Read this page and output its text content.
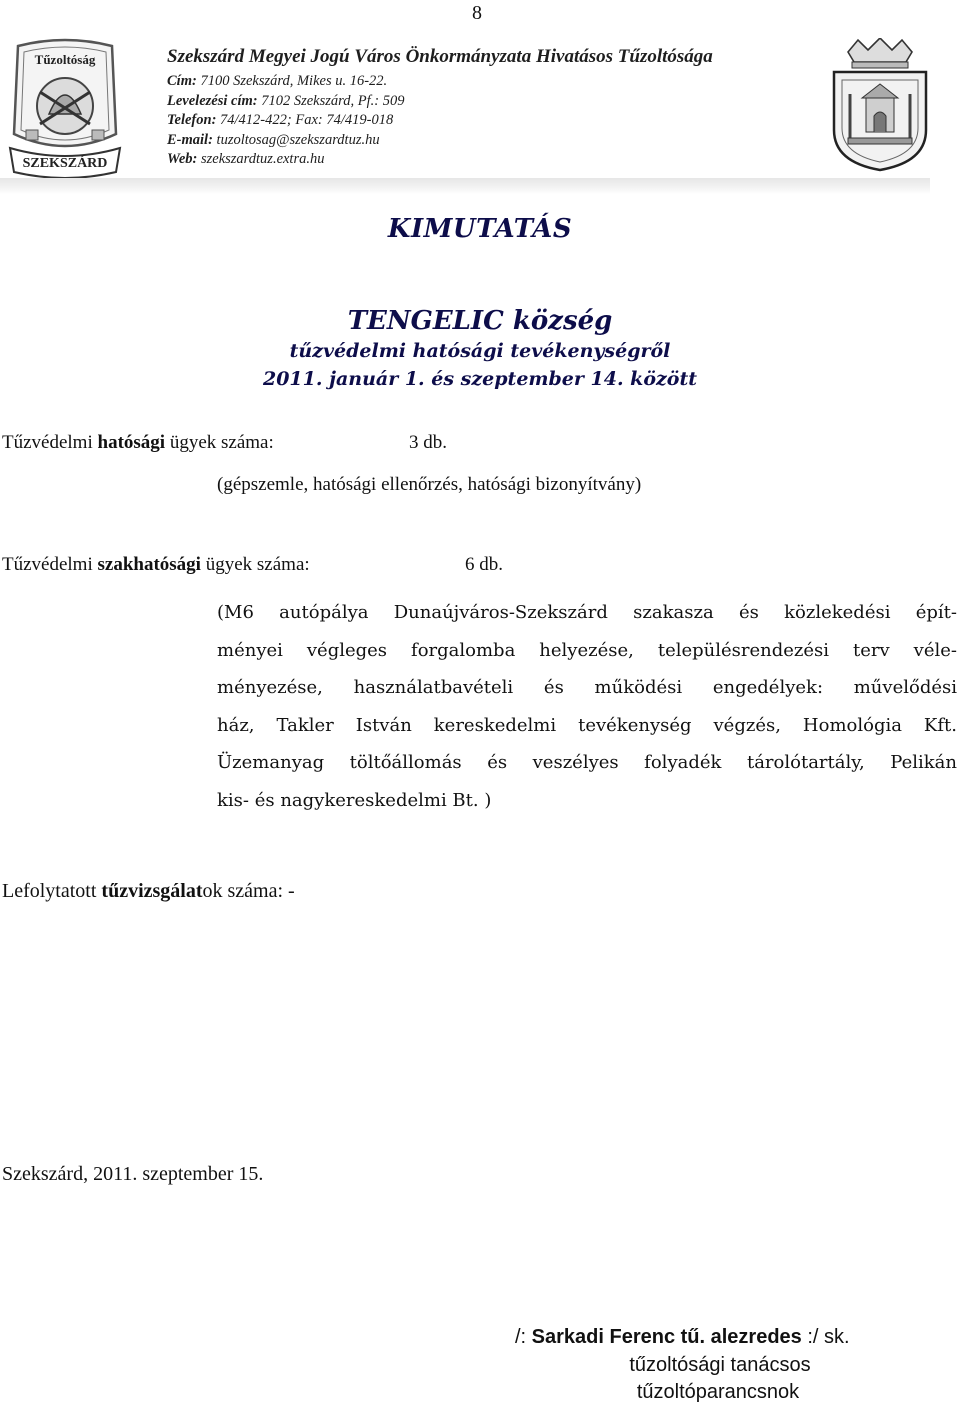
8
Tűzoltóság
SZEKSZÁRD
Szekszárd Megyei Jogú Város Önkormányzata Hivatásos Tűzoltósága
Cím: 7100 Szekszárd, Mikes u. 16-22.
Levelezési cím: 7102 Szekszárd, Pf.: 509
Telefon: 74/412-422; Fax: 74/419-018
E-mail: tuzoltosag@szekszardtuz.hu
Web: szekszardtuz.extra.hu
KIMUTATÁS
TENGELIC község
tűzvédelmi hatósági tevékenységről
2011. január 1. és szeptember 14. között
Tűzvédelmi hatósági ügyek száma:	3 db.
(gépszemle, hatósági ellenőrzés, hatósági bizonyítvány)
Tűzvédelmi szakhatósági ügyek száma:	6 db.
(M6 autópálya Dunaújváros-Szekszárd szakasza és közlekedési épít-
ményei végleges forgalomba helyezése, településrendezési terv véle-
ményezése, használatbavételi és működési engedélyek: művelődési
ház, Takler István kereskedelmi tevékenység végzés, Homológia Kft.
Üzemanyag töltőállomás és veszélyes folyadék tárolótartály, Pelikán
kis- és nagykereskedelmi Bt. )
Lefolytatott tűzvizsgálatok száma: -
Szekszárd, 2011. szeptember 15.
/: Sarkadi Ferenc tű. alezredes :/ sk.
tűzoltósági tanácsos
tűzoltóparancsnok
